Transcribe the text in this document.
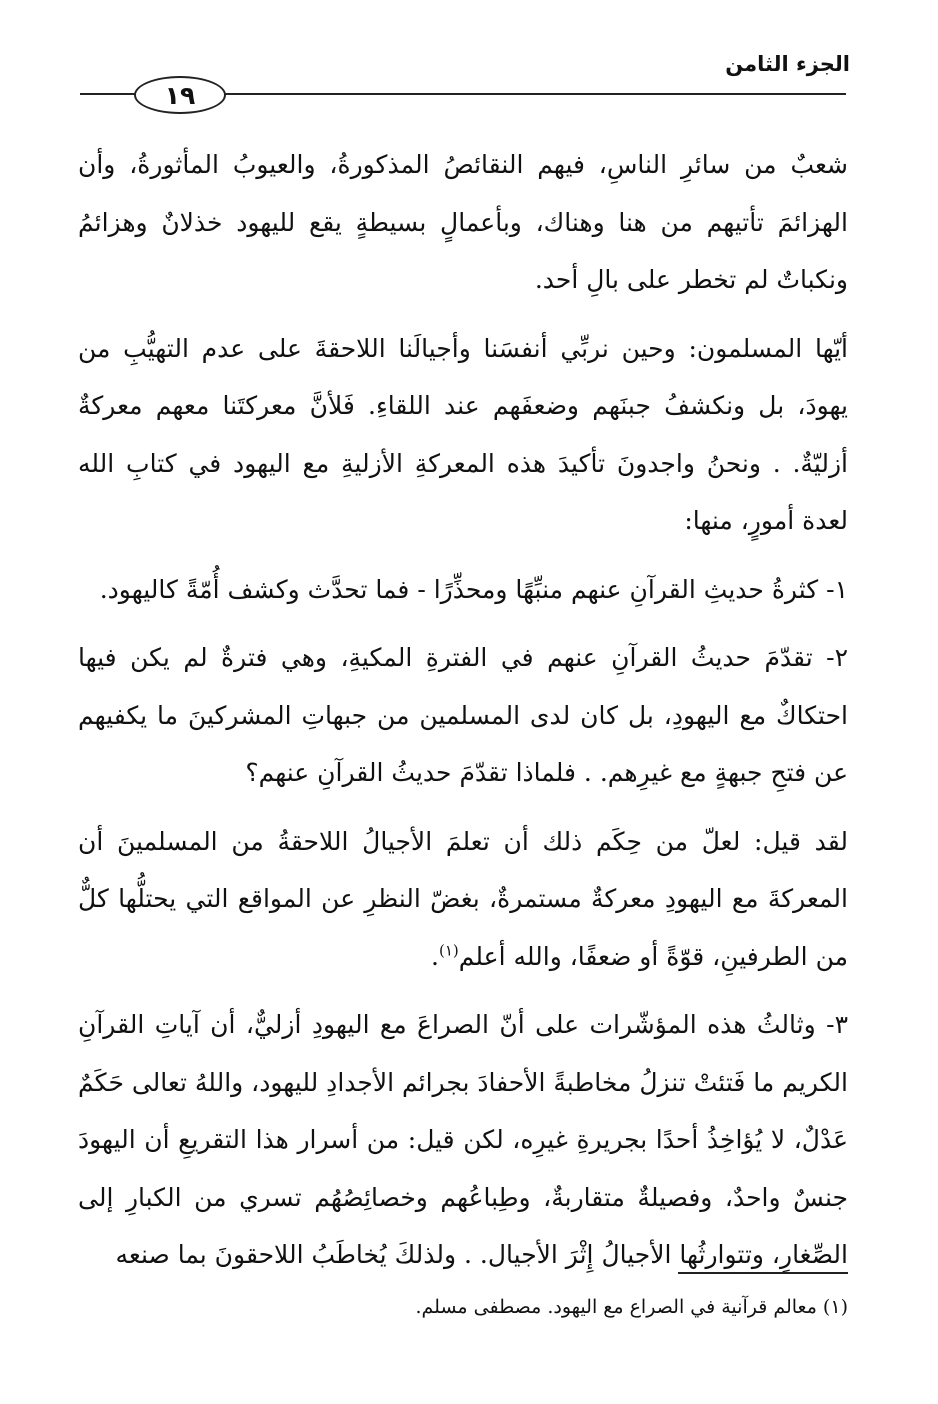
الجزء الثامن
١٩

شعبٌ من سائرِ الناسِ، فيهم النقائصُ المذكورةُ، والعيوبُ المأثورةُ، وأن الهزائمَ تأتيهم من هنا وهناك، وبأعمالٍ بسيطةٍ يقع لليهود خذلانٌ وهزائمُ ونكباتٌ لم تخطر على بالِ أحد.

أيّها المسلمون: وحين نربِّي أنفسَنا وأجيالَنا اللاحقةَ على عدم التهيُّبِ من يهودَ، بل ونكشفُ جبنَهم وضعفَهم عند اللقاءِ. فَلأنَّ معركتَنا معهم معركةٌ أزليّةٌ. . ونحنُ واجدونَ تأكيدَ هذه المعركةِ الأزليةِ مع اليهود في كتابِ الله لعدة أمورٍ، منها:

١- كثرةُ حديثِ القرآنِ عنهم منبِّهًا ومحذِّرًا - فما تحدَّث وكشف أُمّةً كاليهود.

٢- تقدّمَ حديثُ القرآنِ عنهم في الفترةِ المكيةِ، وهي فترةٌ لم يكن فيها احتكاكٌ مع اليهودِ، بل كان لدى المسلمين من جبهاتِ المشركينَ ما يكفيهم عن فتحِ جبهةٍ مع غيرِهم. . فلماذا تقدّمَ حديثُ القرآنِ عنهم؟

لقد قيل: لعلّ من حِكَم ذلك أن تعلمَ الأجيالُ اللاحقةُ من المسلمينَ أن المعركةَ مع اليهودِ معركةٌ مستمرةٌ، بغضّ النظرِ عن المواقع التي يحتلُّها كلٌّ من الطرفينِ، قوّةً أو ضعفًا، والله أعلم$^{(١)}$.

٣- وثالثُ هذه المؤشّرات على أنّ الصراعَ مع اليهودِ أزليٌّ، أن آياتِ القرآنِ الكريم ما فَتئتْ تنزلُ مخاطبةً الأحفادَ بجرائم الأجدادِ لليهود، واللهُ تعالى حَكَمٌ عَدْلٌ، لا يُؤاخِذُ أحدًا بجريرةِ غيرِه، لكن قيل: من أسرار هذا التقريعِ أن اليهودَ جنسٌ واحدٌ، وفصيلةٌ متقاربةٌ، وطِباعُهم وخصائِصُهُم تسري من الكبارِ إلى الصِّغارِ، وتتوارثُها الأجيالُ إِثْرَ الأجيال. . ولذلكَ يُخاطَبُ اللاحقونَ بما صنعه

(١) معالم قرآنية في الصراع مع اليهود. مصطفى مسلم.
